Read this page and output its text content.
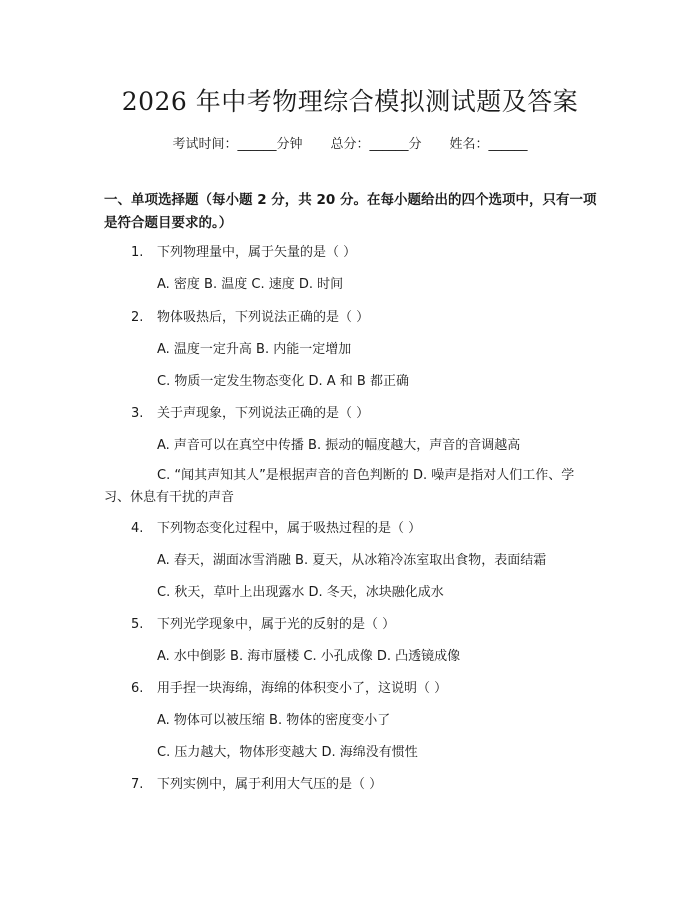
2026 年中考物理综合模拟测试题及答案
考试时间：______分钟 总分：______分 姓名：______
一、单项选择题（每小题 2 分，共 20 分。在每小题给出的四个选项中，只有一项是符合题目要求的。）
1. 下列物理量中，属于矢量的是（ ）
A. 密度 B. 温度 C. 速度 D. 时间
2. 物体吸热后，下列说法正确的是（ ）
A. 温度一定升高 B. 内能一定增加
C. 物质一定发生物态变化 D. A 和 B 都正确
3. 关于声现象，下列说法正确的是（ ）
A. 声音可以在真空中传播 B. 振动的幅度越大，声音的音调越高
C. “闻其声知其人”是根据声音的音色判断的 D. 噪声是指对人们工作、学习、休息有干扰的声音
4. 下列物态变化过程中，属于吸热过程的是（ ）
A. 春天，湖面冰雪消融 B. 夏天，从冰箱冷冻室取出食物，表面结霜
C. 秋天，草叶上出现露水 D. 冬天，冰块融化成水
5. 下列光学现象中，属于光的反射的是（ ）
A. 水中倒影 B. 海市蜃楼 C. 小孔成像 D. 凸透镜成像
6. 用手捏一块海绵，海绵的体积变小了，这说明（ ）
A. 物体可以被压缩 B. 物体的密度变小了
C. 压力越大，物体形变越大 D. 海绵没有惯性
7. 下列实例中，属于利用大气压的是（ ）
